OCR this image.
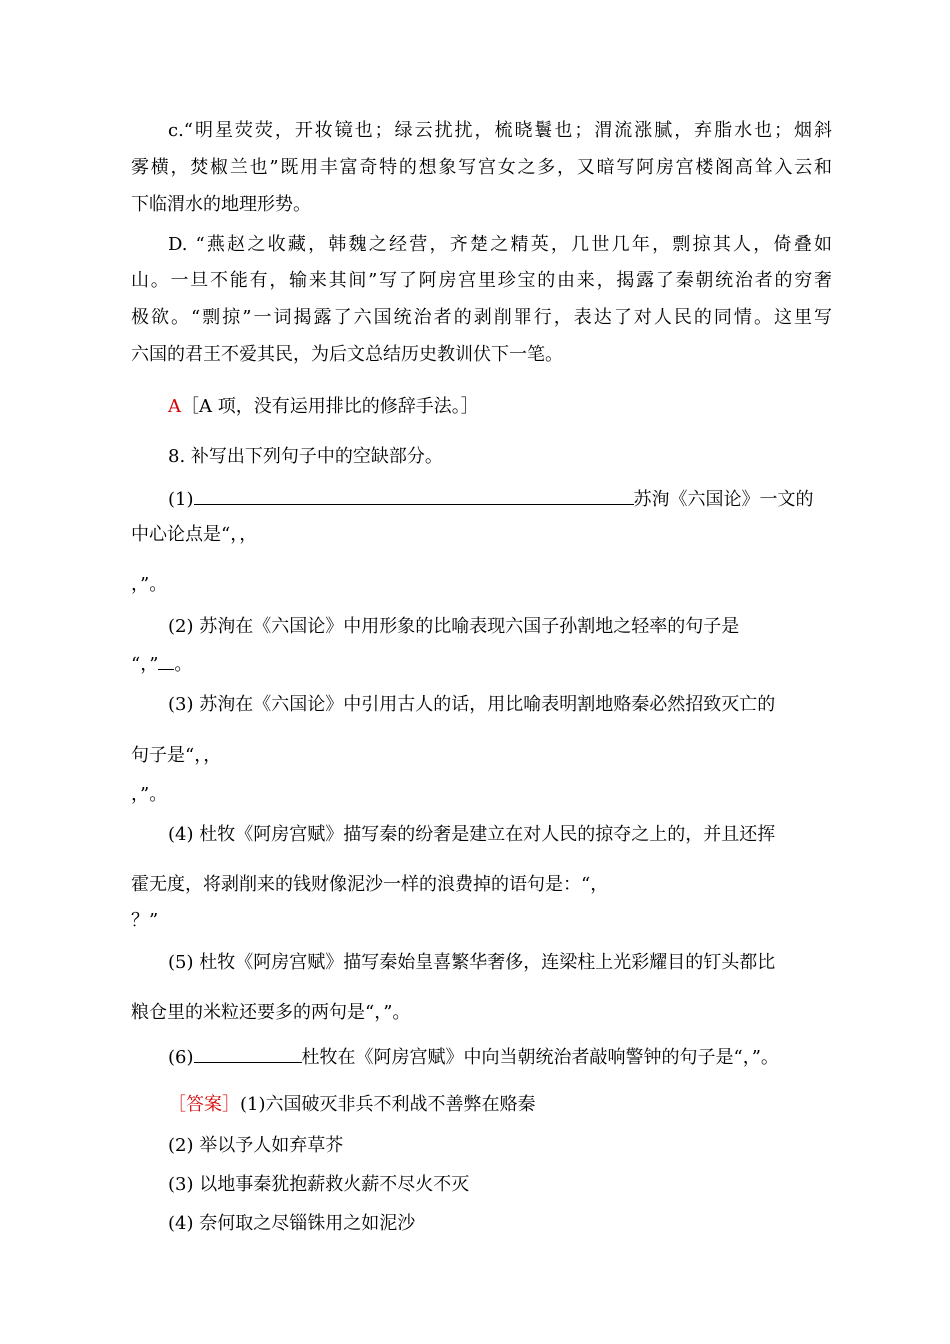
c.“明星荧荧，开妆镜也；绿云扰扰，梳晓鬟也；渭流涨腻，弃脂水也；烟斜
雾横，焚椒兰也”既用丰富奇特的想象写宫女之多，又暗写阿房宫楼阁高耸入云和
下临渭水的地理形势。
D. “燕赵之收藏，韩魏之经营，齐楚之精英，几世几年，剽掠其人，倚叠如
山。一旦不能有，输来其间”写了阿房宫里珍宝的由来，揭露了秦朝统治者的穷奢
极欲。“剽掠”一词揭露了六国统治者的剥削罪行，表达了对人民的同情。这里写
六国的君王不爱其民，为后文总结历史教训伏下一笔。
A［A 项，没有运用排比的修辞手法。］
8. 补写出下列句子中的空缺部分。
(1)	苏洵《六国论》一文的
中心论点是“，，
，”。
(2) 苏洵在《六国论》中用形象的比喻表现六国子孙割地之轻率的句子是
“，” 。
(3) 苏洵在《六国论》中引用古人的话，用比喻表明割地赂秦必然招致灭亡的
句子是“，，
，”。
(4) 杜牧《阿房宫赋》描写秦的纷奢是建立在对人民的掠夺之上的，并且还挥
霍无度，将剥削来的钱财像泥沙一样的浪费掉的语句是：“，
？”
(5) 杜牧《阿房宫赋》描写秦始皇喜繁华奢侈，连梁柱上光彩耀目的钉头都比
粮仓里的米粒还要多的两句是“，”。
(6)	杜牧在《阿房宫赋》中向当朝统治者敲响警钟的句子是“，”。
［答案］(1)六国破灭非兵不利战不善弊在赂秦
(2) 举以予人如弃草芥
(3) 以地事秦犹抱薪救火薪不尽火不灭
(4) 奈何取之尽锱铢用之如泥沙
